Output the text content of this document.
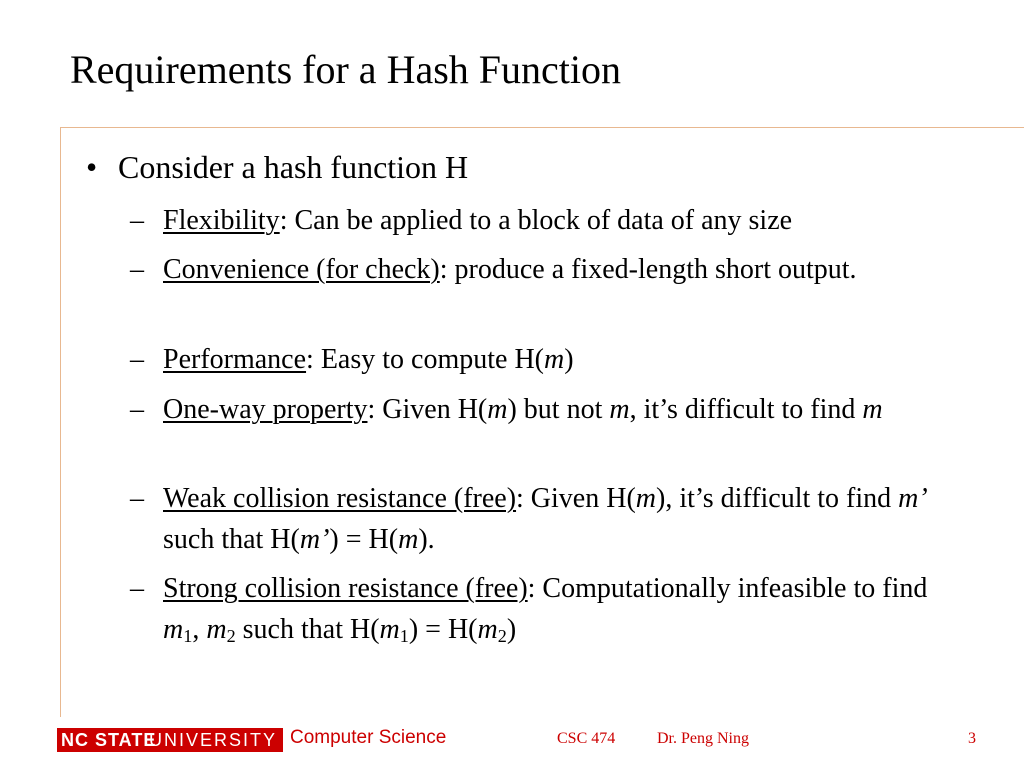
Requirements for a Hash Function
• Consider a hash function H
– Flexibility: Can be applied to a block of data of any size
– Convenience (for check): produce a fixed-length short output.
– Performance: Easy to compute H(m)
– One-way property: Given H(m) but not m, it’s difficult to find m
– Weak collision resistance (free): Given H(m), it’s difficult to find m’ such that H(m’) = H(m).
– Strong collision resistance (free): Computationally infeasible to find $m_1$, $m_2$ such that $H(m_1) = H(m_2)$
NC STATE
UNIVERSITY Computer Science	CSC 474	Dr. Peng Ning	3
